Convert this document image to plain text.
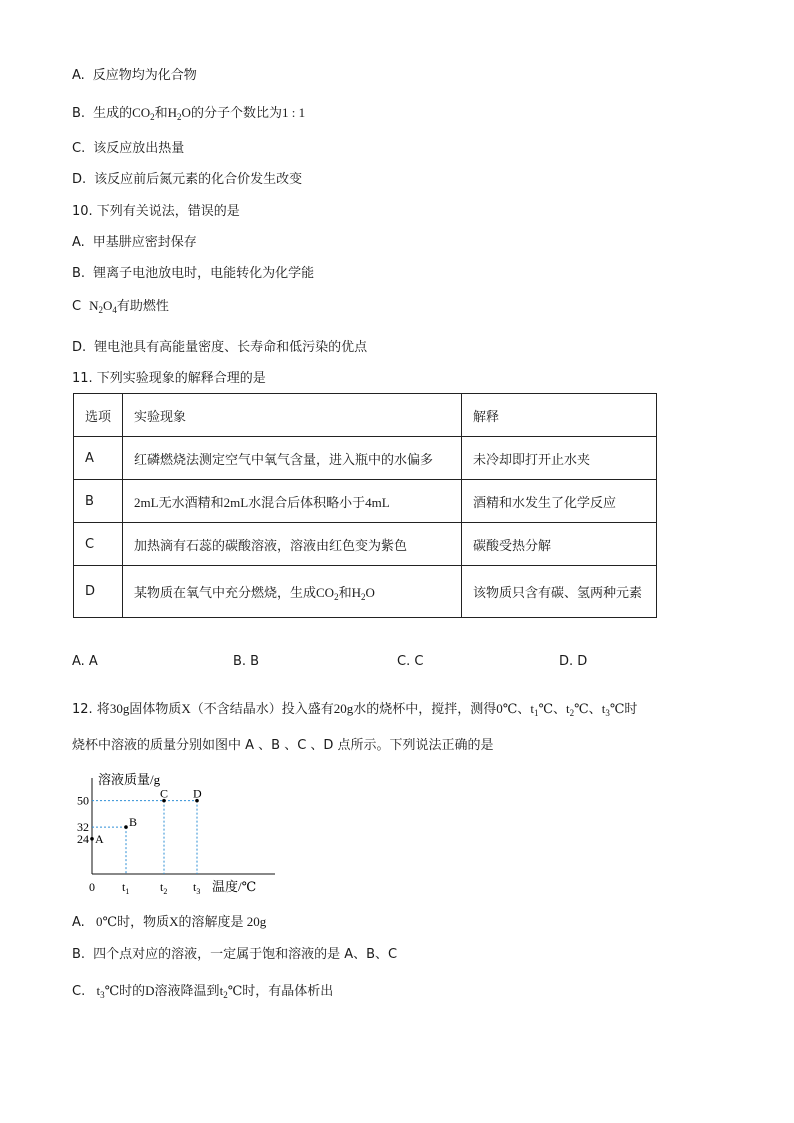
A. 反应物均为化合物
B. 生成的$CO_2$和$H_2O$的分子个数比为1 : 1
C. 该反应放出热量
D. 该反应前后氮元素的化合价发生改变
10. 下列有关说法，错误的是
A. 甲基肼应密封保存
B. 锂离子电池放电时，电能转化为化学能
C $N_2O_4$有助燃性
D. 锂电池具有高能量密度、长寿命和低污染的优点
11. 下列实验现象的解释合理的是
选项	实验现象	解释
A	红磷燃烧法测定空气中氧气含量，进入瓶中的水偏多	未冷却即打开止水夹
B	2mL无水酒精和2mL水混合后体积略小于4mL	酒精和水发生了化学反应
C	加热滴有石蕊的碳酸溶液，溶液由红色变为紫色	碳酸受热分解
D	某物质在氧气中充分燃烧，生成$CO_2$和$H_2O$	该物质只含有碳、氢两种元素
A. A	B. B	C. C	D. D
12. 将30g固体物质X（不含结晶水）投入盛有20g水的烧杯中，搅拌，测得0℃、$t_1℃$、$t_2℃$、$t_3℃$时
烧杯中溶液的质量分别如图中 A 、B 、C 、D 点所示。下列说法正确的是
溶液质量/g
温度/℃
24
32
50
0 $t_1$	$t_2$ $t_3$
A
B
C D
A. 0℃时，物质X的溶解度是 20g
B. 四个点对应的溶液，一定属于饱和溶液的是 A、B、C
C. $t_3℃$时的D溶液降温到$t_2℃$时，有晶体析出
